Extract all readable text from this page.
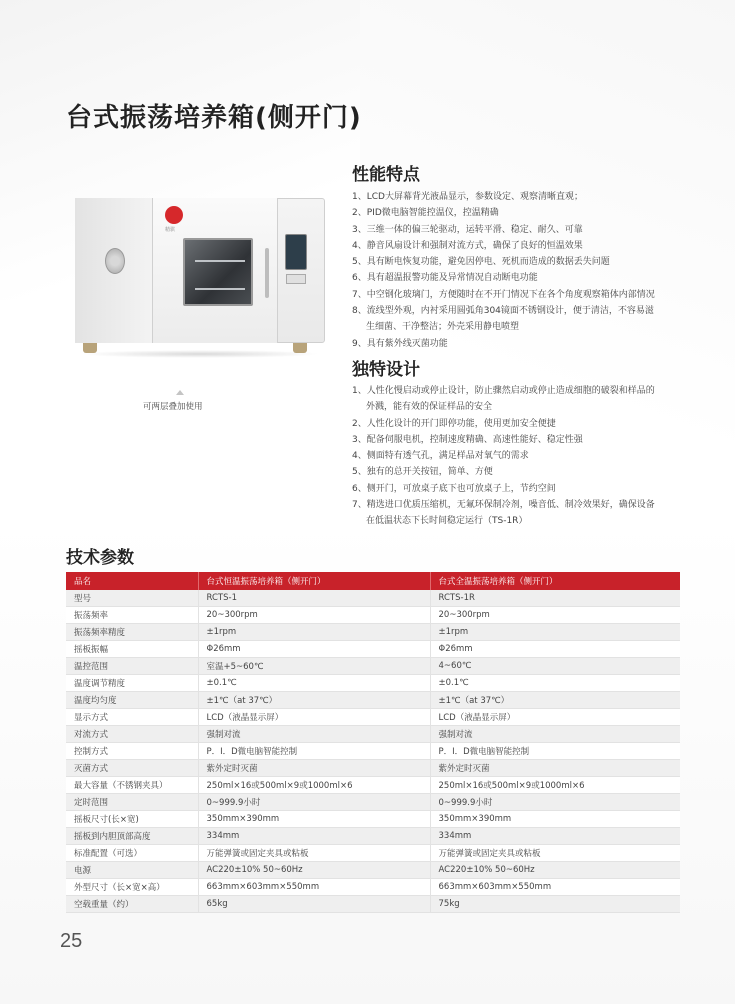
台式振荡培养箱(侧开门)
精骐
可两层叠加使用
性能特点
1、LCD大屏幕背光液晶显示，参数设定、观察清晰直观；
2、PID微电脑智能控温仪，控温精确
3、三维一体的偏三轮驱动，运转平滑、稳定、耐久、可靠
4、静音风扇设计和强制对流方式，确保了良好的恒温效果
5、具有断电恢复功能，避免因停电、死机而造成的数据丢失问题
6、具有超温报警功能及异常情况自动断电功能
7、中空钢化玻璃门，方便随时在不开门情况下在各个角度观察箱体内部情况
8、流线型外观，内衬采用圆弧角304镜面不锈钢设计，便于清洁，不容易滋
生细菌、干净整洁；外壳采用静电喷塑
9、具有紫外线灭菌功能
独特设计
1、人性化慢启动或停止设计，防止骤然启动或停止造成细胞的破裂和样品的
外溅，能有效的保证样品的安全
2、人性化设计的开门即停功能，使用更加安全便捷
3、配备伺服电机，控制速度精确、高速性能好、稳定性强
4、侧面特有透气孔，满足样品对氧气的需求
5、独有的总开关按钮，简单、方便
6、侧开门，可放桌子底下也可放桌子上，节约空间
7、精选进口优质压缩机，无氟环保制冷剂，噪音低、制冷效果好，确保设备
在低温状态下长时间稳定运行（TS-1R）
技术参数
品名	台式恒温振荡培养箱（侧开门）	台式全温振荡培养箱（侧开门）
型号	RCTS-1	RCTS-1R
振荡频率	20~300rpm	20~300rpm
振荡频率精度	±1rpm	±1rpm
摇板振幅	Φ26mm	Φ26mm
温控范围	室温+5~60℃	4~60℃
温度调节精度	±0.1℃	±0.1℃
温度均匀度	±1℃（at 37℃）	±1℃（at 37℃）
显示方式	LCD（液晶显示屏）	LCD（液晶显示屏）
对流方式	强制对流	强制对流
控制方式	P．I．D微电脑智能控制	P．I．D微电脑智能控制
灭菌方式	紫外定时灭菌	紫外定时灭菌
最大容量（不锈钢夹具）	250ml×16或500ml×9或1000ml×6	250ml×16或500ml×9或1000ml×6
定时范围	0~999.9小时	0~999.9小时
摇板尺寸(长×宽)	350mm×390mm	350mm×390mm
摇板到内胆顶部高度	334mm	334mm
标准配置（可选）	万能弹簧或固定夹具或粘板	万能弹簧或固定夹具或粘板
电源	AC220±10% 50~60Hz	AC220±10% 50~60Hz
外型尺寸（长×宽×高）	663mm×603mm×550mm	663mm×603mm×550mm
空载重量（约）	65kg	75kg
25
